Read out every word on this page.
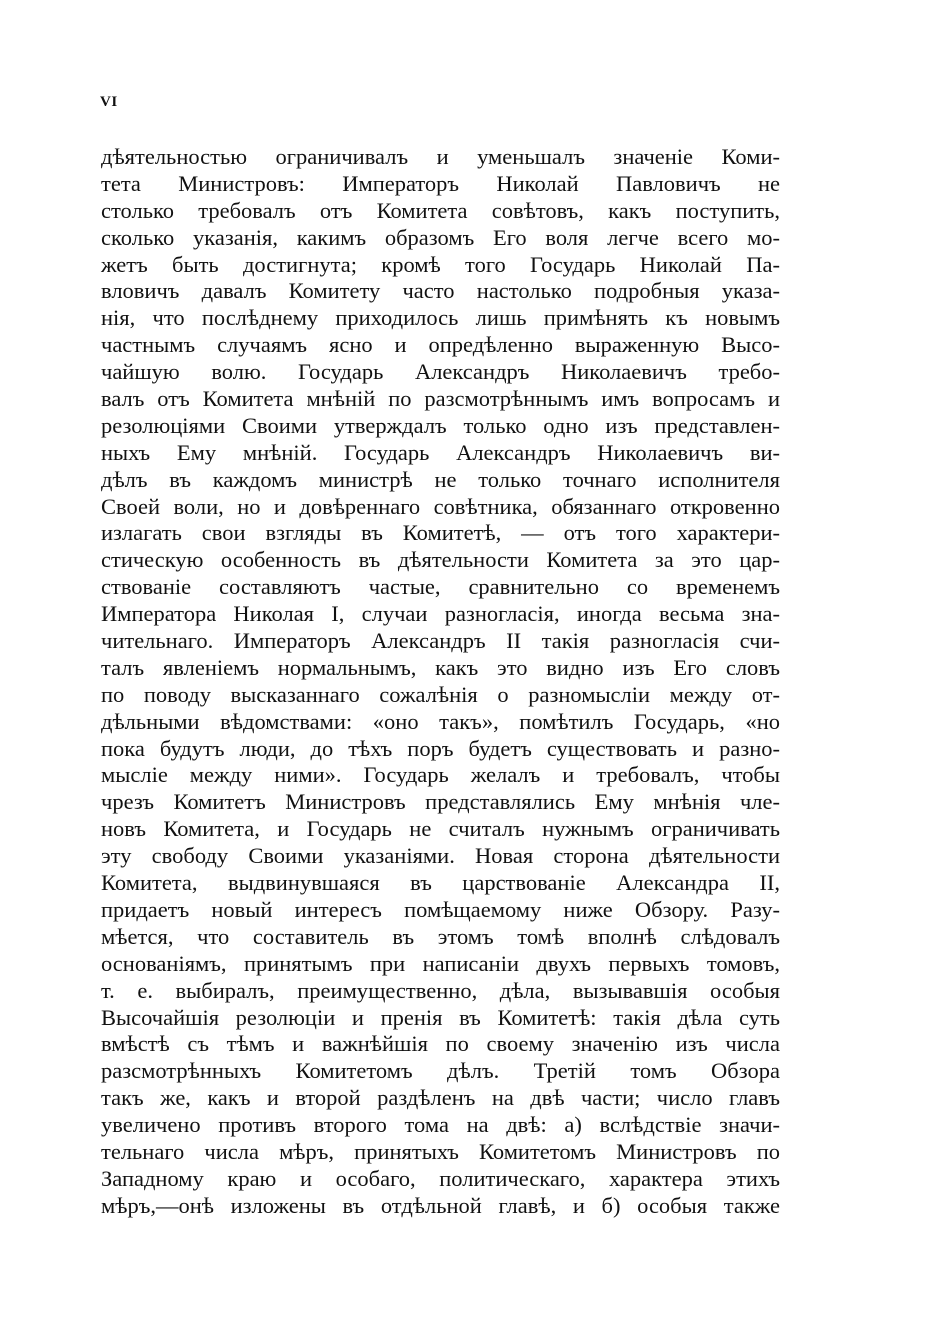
VI
дѣятельностью ограничивалъ и уменьшалъ значенiе Коми-
тета Министровъ: Императоръ Николай Павловичъ не
столько требовалъ отъ Комитета совѣтовъ, какъ поступить,
сколько указанiя, какимъ образомъ Его воля легче всего мо-
жетъ быть достигнута; кромѣ того Государь Николай Па-
вловичъ давалъ Комитету часто настолько подробныя указа-
нiя, что послѣднему приходилось лишь примѣнять къ новымъ
частнымъ случаямъ ясно и опредѣленно выраженную Высо-
чайшую волю. Государь Александръ Николаевичъ требо-
валъ отъ Комитета мнѣнiй по разсмотрѣннымъ имъ вопросамъ и
резолюцiями Своими утверждалъ только одно изъ представлен-
ныхъ Ему мнѣнiй. Государь Александръ Николаевичъ ви-
дѣлъ въ каждомъ министрѣ не только точнаго исполнителя
Своей воли, но и довѣреннаго совѣтника, обязаннаго откровенно
излагать свои взгляды въ Комитетѣ, — отъ того характери-
стическую особенность въ дѣятельности Комитета за это цар-
ствованiе составляютъ частые, сравнительно со временемъ
Императора Николая I, случаи разногласiя, иногда весьма зна-
чительнаго. Императоръ Александръ II такiя разногласiя счи-
талъ явленiемъ нормальнымъ, какъ это видно изъ Его словъ
по поводу высказаннаго сожалѣнiя о разномыслiи между от-
дѣльными вѣдомствами: «оно такъ», помѣтилъ Государь, «но
пока будутъ люди, до тѣхъ поръ будетъ существовать и разно-
мыслiе между ними». Государь желалъ и требовалъ, чтобы
чрезъ Комитетъ Министровъ представлялись Ему мнѣнiя чле-
новъ Комитета, и Государь не считалъ нужнымъ ограничивать
эту свободу Своими указанiями. Новая сторона дѣятельности
Комитета, выдвинувшаяся въ царствованiе Александра II,
придаетъ новый интересъ помѣщаемому ниже Обзору. Разу-
мѣется, что составитель въ этомъ томѣ вполнѣ слѣдовалъ
основанiямъ, принятымъ при написанiи двухъ первыхъ томовъ,
т. е. выбиралъ, преимущественно, дѣла, вызывавшiя особыя
Высочайшiя резолюцiи и пренiя въ Комитетѣ: такiя дѣла суть
вмѣстѣ съ тѣмъ и важнѣйшiя по своему значенiю изъ числа
разсмотрѣнныхъ Комитетомъ дѣлъ. Третiй томъ Обзора
такъ же, какъ и второй раздѣленъ на двѣ части; число главъ
увеличено противъ второго тома на двѣ: а) вслѣдствiе значи-
тельнаго числа мѣръ, принятыхъ Комитетомъ Министровъ по
Западному краю и особаго, политическаго, характера этихъ
мѣръ,—онѣ изложены въ отдѣльной главѣ, и б) особыя также
